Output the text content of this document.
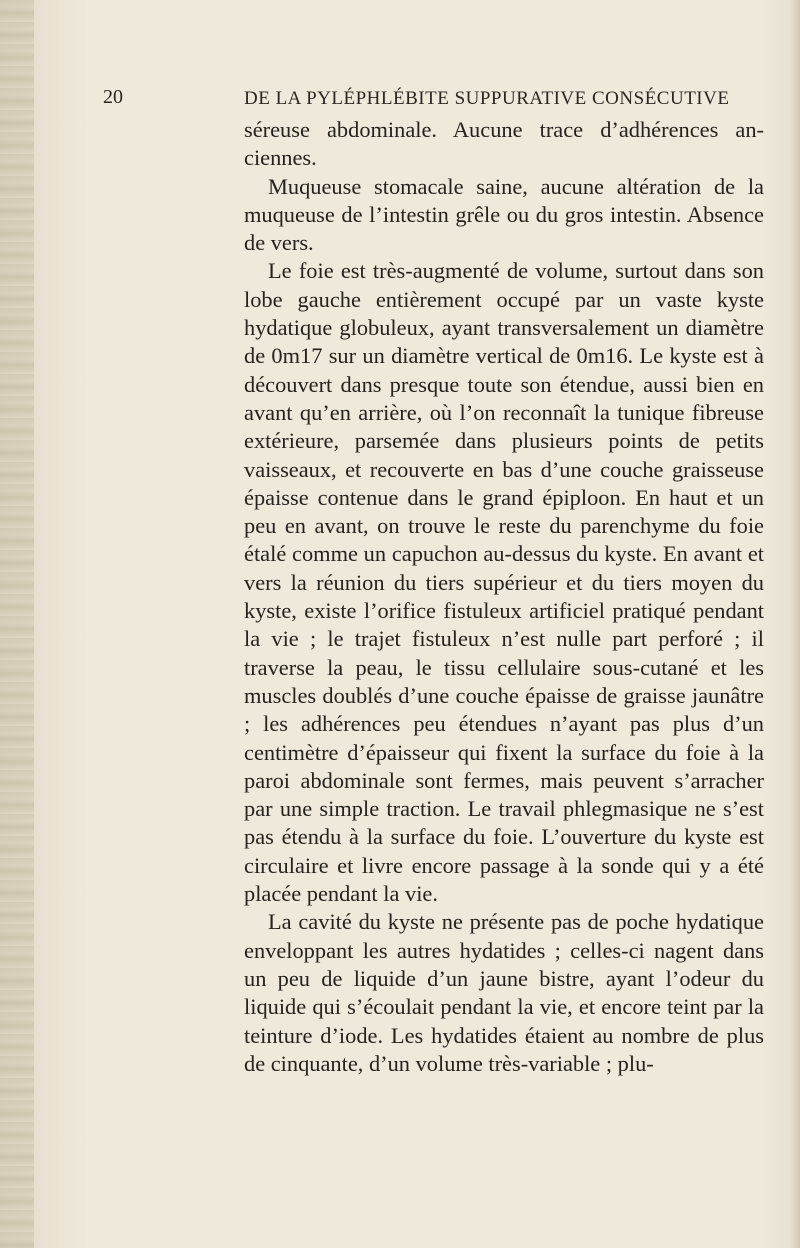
20	DE LA PYLÉPHLÉBITE SUPPURATIVE CONSÉCUTIVE

séreuse abdominale. Aucune trace d’adhérences anciennes.

Muqueuse stomacale saine, aucune altération de la muqueuse de l’intestin grêle ou du gros intestin. Absence de vers.

Le foie est très-augmenté de volume, surtout dans son lobe gauche entièrement occupé par un vaste kyste hydatique globuleux, ayant transversalement un diamètre de 0m17 sur un diamètre vertical de 0m16. Le kyste est à découvert dans presque toute son étendue, aussi bien en avant qu’en arrière, où l’on reconnaît la tunique fibreuse extérieure, parsemée dans plusieurs points de petits vaisseaux, et recouverte en bas d’une couche graisseuse épaisse contenue dans le grand épiploon. En haut et un peu en avant, on trouve le reste du parenchyme du foie étalé comme un capuchon au-dessus du kyste. En avant et vers la réunion du tiers supérieur et du tiers moyen du kyste, existe l’orifice fistuleux artificiel pratiqué pendant la vie ; le trajet fistuleux n’est nulle part perforé ; il traverse la peau, le tissu cellulaire sous-cutané et les muscles doublés d’une couche épaisse de graisse jaunâtre ; les adhérences peu étendues n’ayant pas plus d’un centimètre d’épaisseur qui fixent la surface du foie à la paroi abdominale sont fermes, mais peuvent s’arracher par une simple traction. Le travail phlegmasique ne s’est pas étendu à la surface du foie. L’ouverture du kyste est circulaire et livre encore passage à la sonde qui y a été placée pendant la vie.

La cavité du kyste ne présente pas de poche hydatique enveloppant les autres hydatides ; celles-ci nagent dans un peu de liquide d’un jaune bistre, ayant l’odeur du liquide qui s’écoulait pendant la vie, et encore teint par la teinture d’iode. Les hydatides étaient au nombre de plus de cinquante, d’un volume très-variable ; plu-
